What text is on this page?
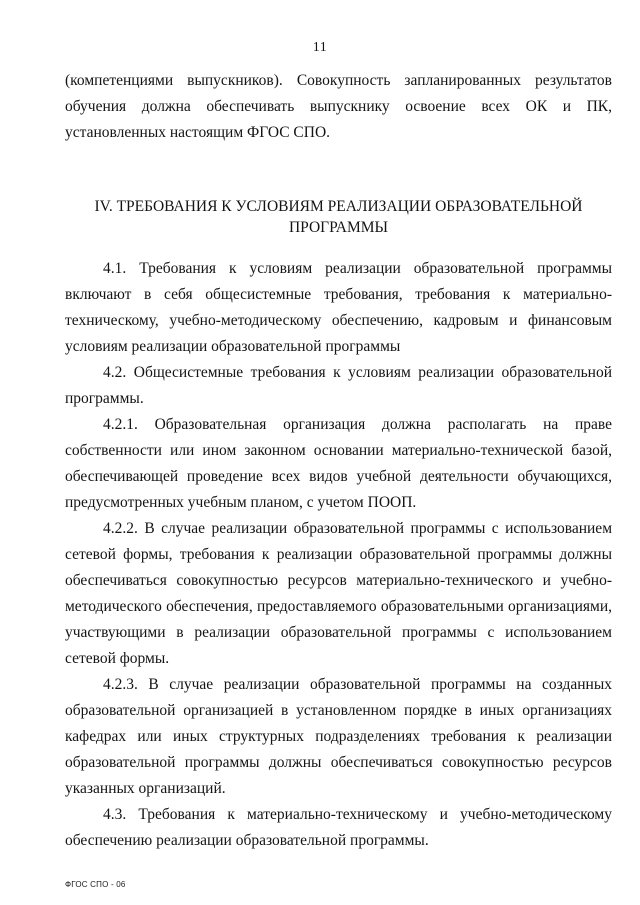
11

(компетенциями выпускников). Совокупность запланированных результатов обучения должна обеспечивать выпускнику освоение всех ОК и ПК, установленных настоящим ФГОС СПО.

IV. ТРЕБОВАНИЯ К УСЛОВИЯМ РЕАЛИЗАЦИИ ОБРАЗОВАТЕЛЬНОЙ
ПРОГРАММЫ

4.1. Требования к условиям реализации образовательной программы включают в себя общесистемные требования, требования к материально-техническому, учебно-методическому обеспечению, кадровым и финансовым условиям реализации образовательной программы

4.2. Общесистемные требования к условиям реализации образовательной программы.

4.2.1. Образовательная организация должна располагать на праве собственности или ином законном основании материально-технической базой, обеспечивающей проведение всех видов учебной деятельности обучающихся, предусмотренных учебным планом, с учетом ПООП.

4.2.2. В случае реализации образовательной программы с использованием сетевой формы, требования к реализации образовательной программы должны обеспечиваться совокупностью ресурсов материально-технического и учебно-методического обеспечения, предоставляемого образовательными организациями, участвующими в реализации образовательной программы с использованием сетевой формы.

4.2.3. В случае реализации образовательной программы на созданных образовательной организацией в установленном порядке в иных организациях кафедрах или иных структурных подразделениях требования к реализации образовательной программы должны обеспечиваться совокупностью ресурсов указанных организаций.

4.3. Требования к материально-техническому и учебно-методическому обеспечению реализации образовательной программы.

ФГОС СПО - 06
